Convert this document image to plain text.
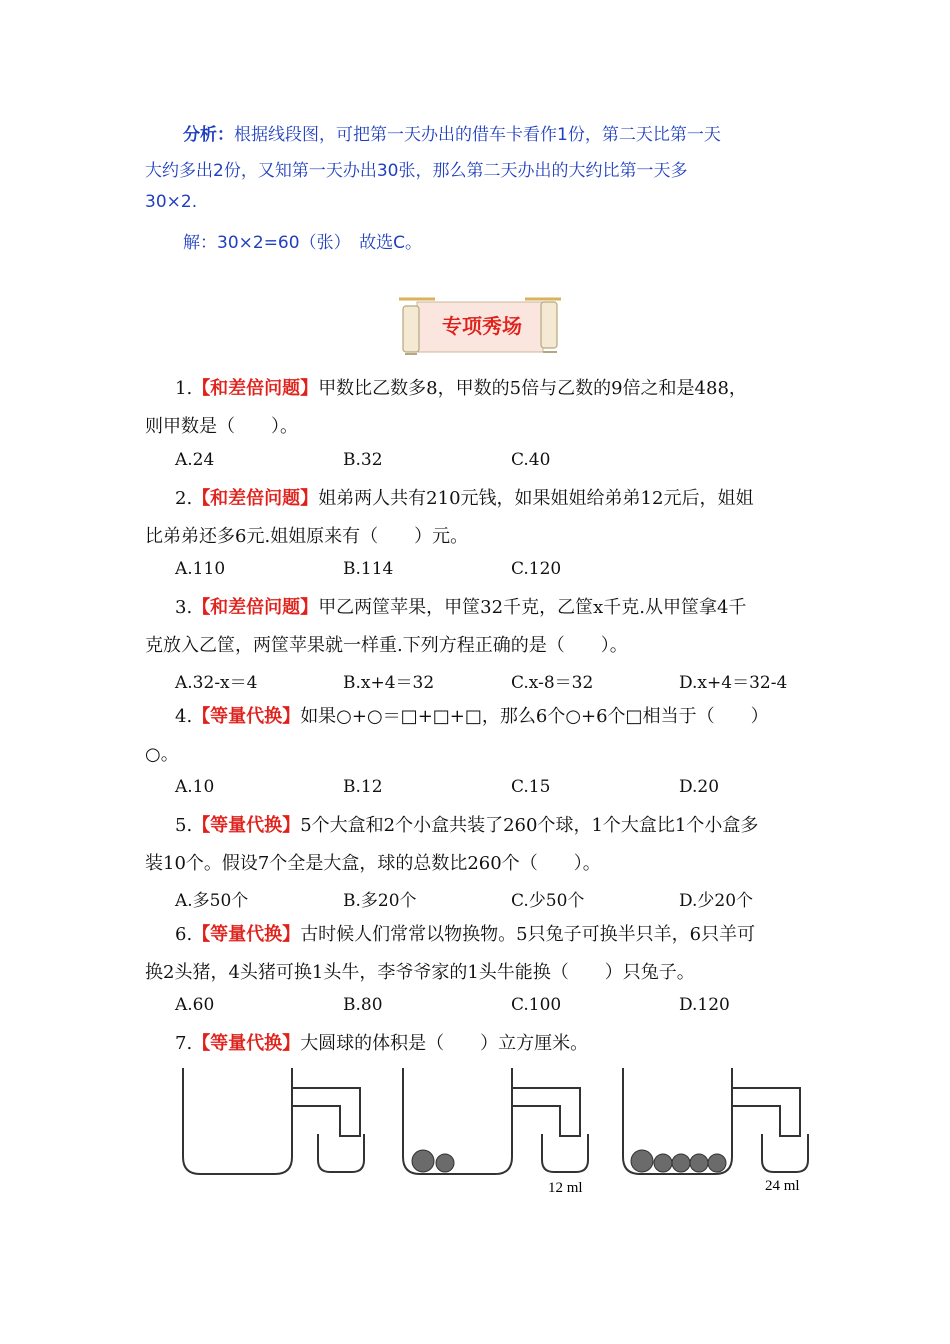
分析：根据线段图，可把第一天办出的借车卡看作1份，第二天比第一天
大约多出2份，又知第一天办出30张，那么第二天办出的大约比第一天多
30×2.
解：30×2=60（张）　故选C。
专项秀场
1.【和差倍问题】甲数比乙数多8，甲数的5倍与乙数的9倍之和是488，
则甲数是（　　）。
A.24	B.32	C.40
2.【和差倍问题】姐弟两人共有210元钱，如果姐姐给弟弟12元后，姐姐
比弟弟还多6元.姐姐原来有（　　）元。
A.110	B.114	C.120
3.【和差倍问题】甲乙两筐苹果，甲筐32千克，乙筐x千克.从甲筐拿4千
克放入乙筐，两筐苹果就一样重.下列方程正确的是（　　）。
A.32-x＝4	B.x+4＝32	C.x-8＝32	D.x+4＝32-4
4.【等量代换】如果○+○＝□+□+□，那么6个○+6个□相当于（　　）
○。
A.10	B.12	C.15	D.20
5.【等量代换】5个大盒和2个小盒共装了260个球，1个大盒比1个小盒多
装10个。假设7个全是大盒，球的总数比260个（　　）。
A.多50个	B.多20个	C.少50个	D.少20个
6.【等量代换】古时候人们常常以物换物。5只兔子可换半只羊，6只羊可
换2头猪，4头猪可换1头牛，李爷爷家的1头牛能换（　　）只兔子。
A.60	B.80	C.100	D.120
7.【等量代换】大圆球的体积是（　　）立方厘米。
12 ml	24 ml
